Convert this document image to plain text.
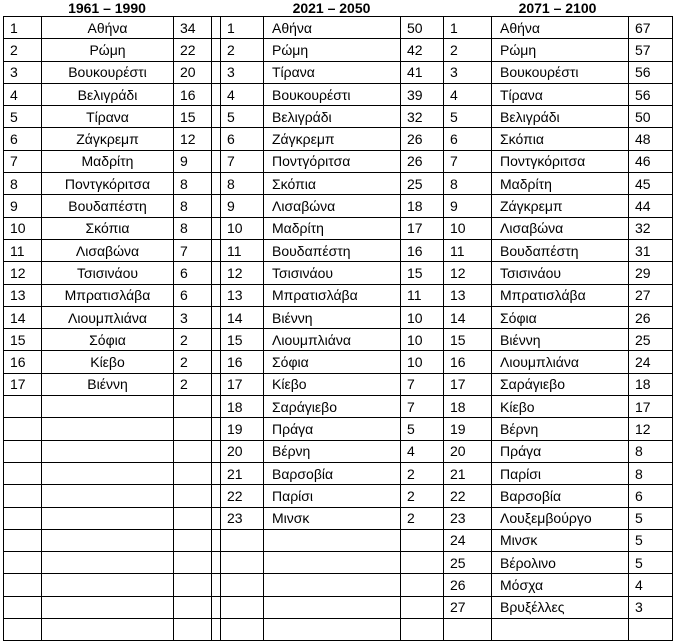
1961 – 1990	2021 – 2050	2071 – 2100
1	Αθήνα	34		1	Αθήνα	50	1	Αθήνα	67
2	Ρώμη	22		2	Ρώμη	42	2	Ρώμη	57
3	Βουκουρέστι	20		3	Τίρανα	41	3	Βουκουρέστι	56
4	Βελιγράδι	16		4	Βουκουρέστι	39	4	Τίρανα	56
5	Τίρανα	15		5	Βελιγράδι	32	5	Βελιγράδι	50
6	Ζάγκρεμπ	12		6	Ζάγκρεμπ	26	6	Σκόπια	48
7	Μαδρίτη	9		7	Ποντγόριτσα	26	7	Ποντγκόριτσα	46
8	Ποντγκόριτσα	8		8	Σκόπια	25	8	Μαδρίτη	45
9	Βουδαπέστη	8		9	Λισαβώνα	18	9	Ζάγκρεμπ	44
10	Σκόπια	8		10	Μαδρίτη	17	10	Λισαβώνα	32
11	Λισαβώνα	7		11	Βουδαπέστη	16	11	Βουδαπέστη	31
12	Τσισινάου	6		12	Τσισινάου	15	12	Τσισινάου	29
13	Μπρατισλάβα	6		13	Μπρατισλάβα	11	13	Μπρατισλάβα	27
14	Λιουμπλιάνα	3		14	Βιέννη	10	14	Σόφια	26
15	Σόφια	2		15	Λιουμπλιάνα	10	15	Βιέννη	25
16	Κίεβο	2		16	Σόφια	10	16	Λιουμπλιάνα	24
17	Βιέννη	2		17	Κίεβο	7	17	Σαράγιεβο	18
				18	Σαράγιεβο	7	18	Κίεβο	17
				19	Πράγα	5	19	Βέρνη	12
				20	Βέρνη	4	20	Πράγα	8
				21	Βαρσοβία	2	21	Παρίσι	8
				22	Παρίσι	2	22	Βαρσοβία	6
				23	Μινσκ	2	23	Λουξεμβούργο	5
							24	Μινσκ	5
							25	Βέρολινο	5
							26	Μόσχα	4
							27	Βρυξέλλες	3
